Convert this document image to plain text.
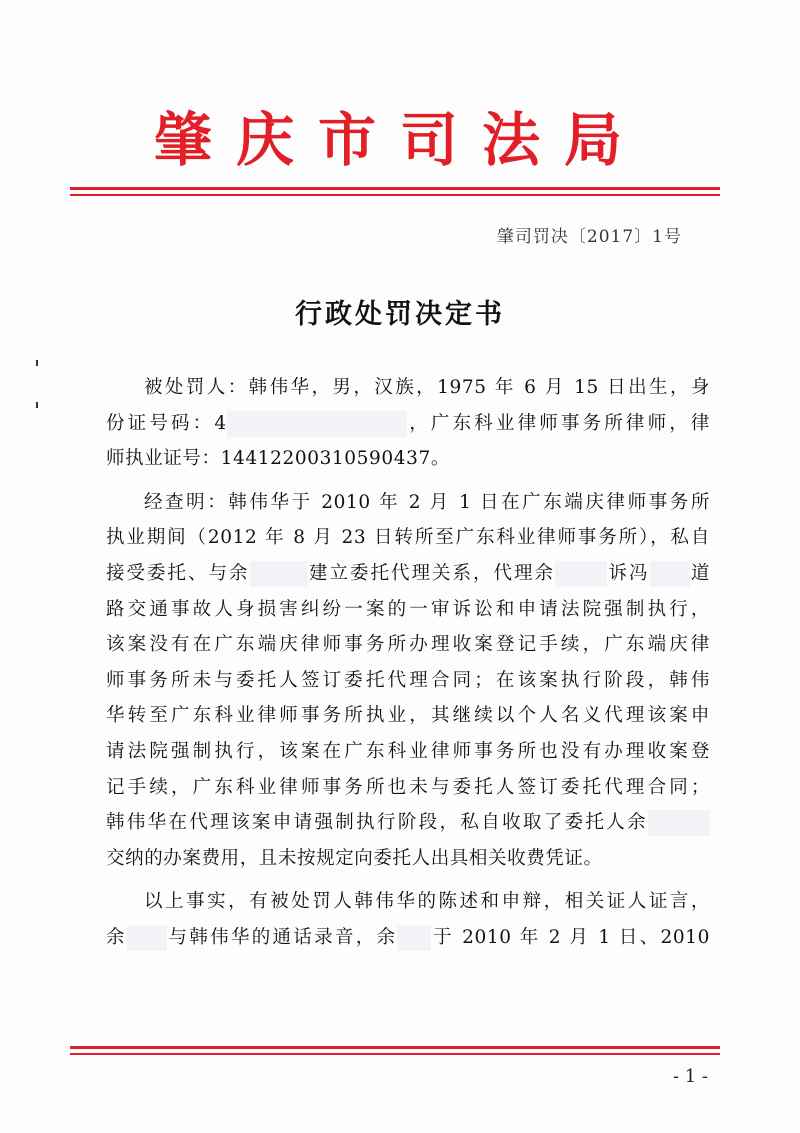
肇庆市司法局
肇司罚决〔2017〕1号
行政处罚决定书
被处罚人：韩伟华，男，汉族，1975 年 6 月 15 日出生，身
份证号码：4	，广东科业律师事务所律师，律
师执业证号：14412200310590437。
经查明：韩伟华于 2010 年 2 月 1 日在广东端庆律师事务所
执业期间（2012 年 8 月 23 日转所至广东科业律师事务所），私自
接受委托、与余	建立委托代理关系，代理余	诉冯 道
路交通事故人身损害纠纷一案的一审诉讼和申请法院强制执行，
该案没有在广东端庆律师事务所办理收案登记手续，广东端庆律
师事务所未与委托人签订委托代理合同；在该案执行阶段，韩伟
华转至广东科业律师事务所执业，其继续以个人名义代理该案申
请法院强制执行，该案在广东科业律师事务所也没有办理收案登
记手续，广东科业律师事务所也未与委托人签订委托代理合同；
韩伟华在代理该案申请强制执行阶段，私自收取了委托人余
交纳的办案费用，且未按规定向委托人出具相关收费凭证。
以上事实，有被处罚人韩伟华的陈述和申辩，相关证人证言，
余 与韩伟华的通话录音，余 于 2010 年 2 月 1 日、2010
- 1 -
